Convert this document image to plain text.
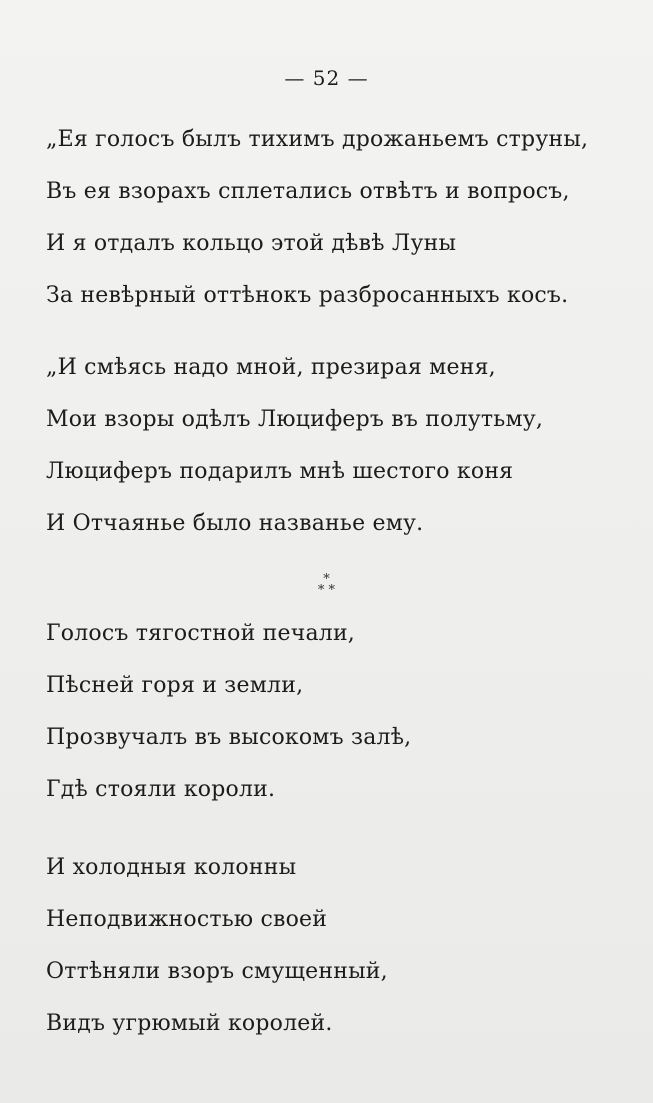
— 52 —
„Ея голосъ былъ тихимъ дрожаньемъ струны,
Въ ея взорахъ сплетались отвѣтъ и вопросъ,
И я отдалъ кольцо этой дѣвѣ Луны
За невѣрный оттѣнокъ разбросанныхъ косъ.
„И смѣясь надо мной, презирая меня,
Мои взоры одѣлъ Люциферъ въ полутьму,
Люциферъ подарилъ мнѣ шестого коня
И Отчаянье было названье ему.
*
* *
Голосъ тягостной печали,
Пѣсней горя и земли,
Прозвучалъ въ высокомъ залѣ,
Гдѣ стояли короли.
И холодныя колонны
Неподвижностью своей
Оттѣняли взоръ смущенный,
Видъ угрюмый королей.
